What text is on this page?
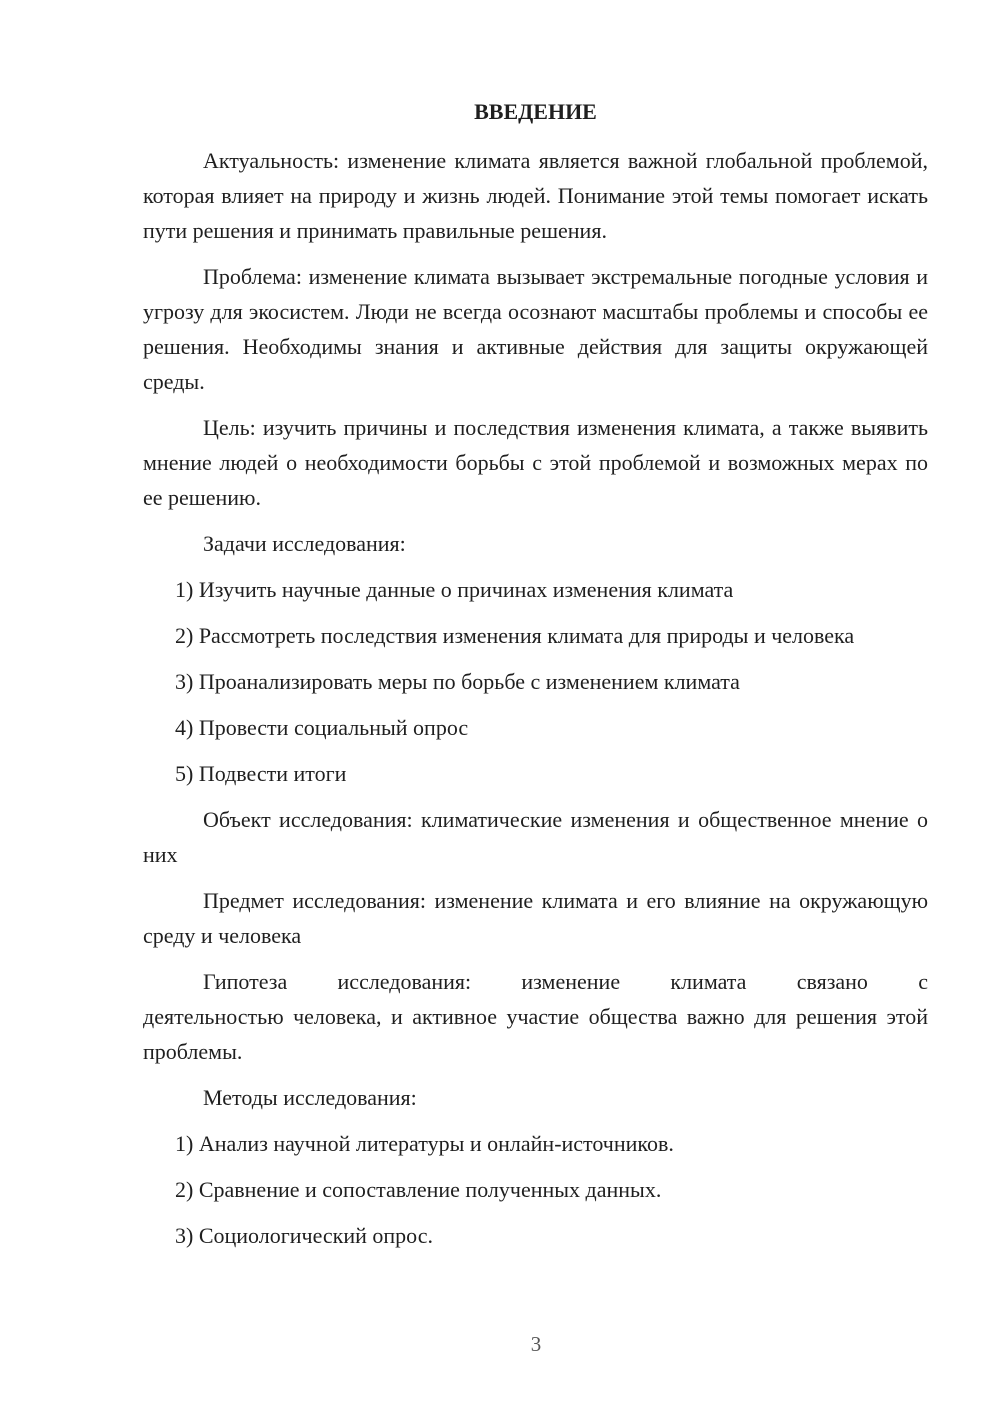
ВВЕДЕНИЕ

Актуальность: изменение климата является важной глобальной проблемой, которая влияет на природу и жизнь людей. Понимание этой темы помогает искать пути решения и принимать правильные решения.

Проблема: изменение климата вызывает экстремальные погодные условия и угрозу для экосистем. Люди не всегда осознают масштабы проблемы и способы ее решения. Необходимы знания и активные действия для защиты окружающей среды.

Цель: изучить причины и последствия изменения климата, а также выявить мнение людей о необходимости борьбы с этой проблемой и возможных мерах по ее решению.

Задачи исследования:

1) Изучить научные данные о причинах изменения климата

2) Рассмотреть последствия изменения климата для природы и человека

3) Проанализировать меры по борьбе с изменением климата

4) Провести социальный опрос

5) Подвести итоги

Объект исследования: климатические изменения и общественное мнение о них

Предмет исследования: изменение климата и его влияние на окружающую среду и человека

Гипотеза исследования: изменение климата связано с
деятельностью человека, и активное участие общества важно для решения этой проблемы.

Методы исследования:

1) Анализ научной литературы и онлайн-источников.

2) Сравнение и сопоставление полученных данных.

3) Социологический опрос.

3
